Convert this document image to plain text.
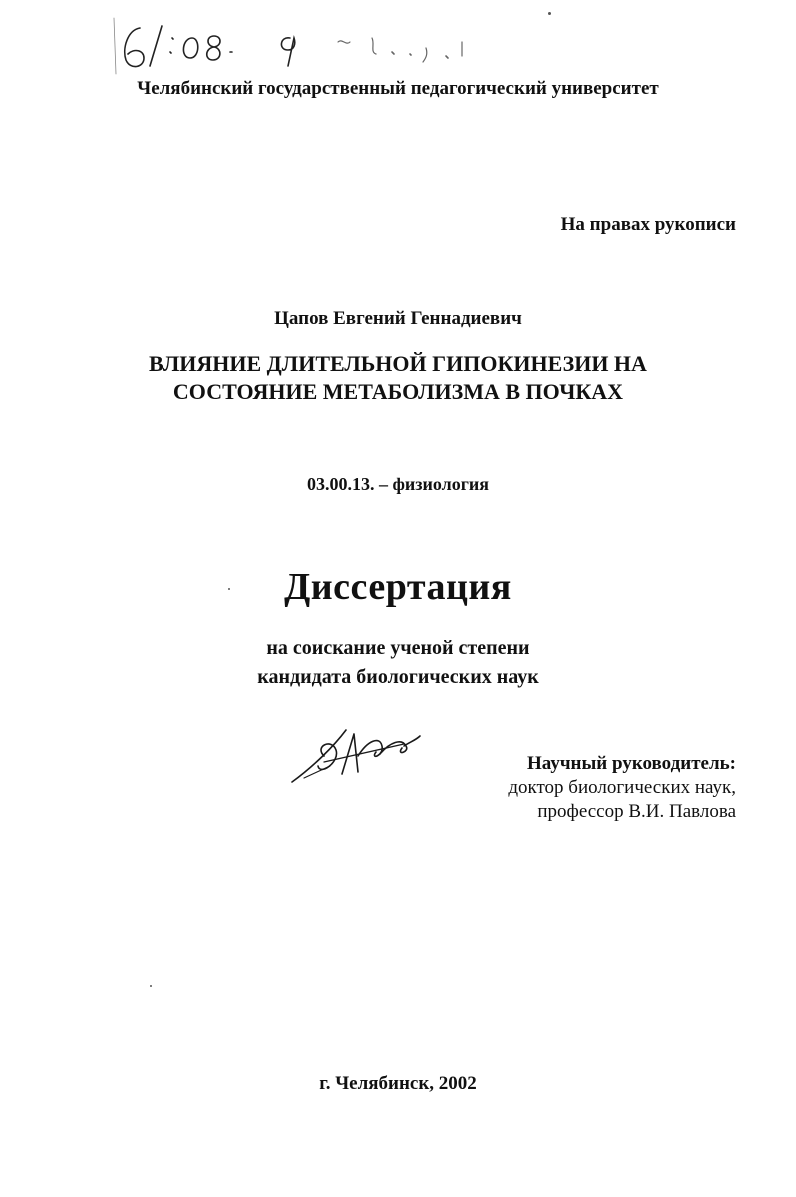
Челябинский государственный педагогический университет
На правах рукописи
Цапов Евгений Геннадиевич
ВЛИЯНИЕ ДЛИТЕЛЬНОЙ ГИПОКИНЕЗИИ НА
СОСТОЯНИЕ МЕТАБОЛИЗМА В ПОЧКАХ
03.00.13. – физиология
Диссертация
на соискание ученой степени
кандидата биологических наук
Научный руководитель:
доктор биологических наук,
профессор В.И. Павлова
г. Челябинск, 2002
